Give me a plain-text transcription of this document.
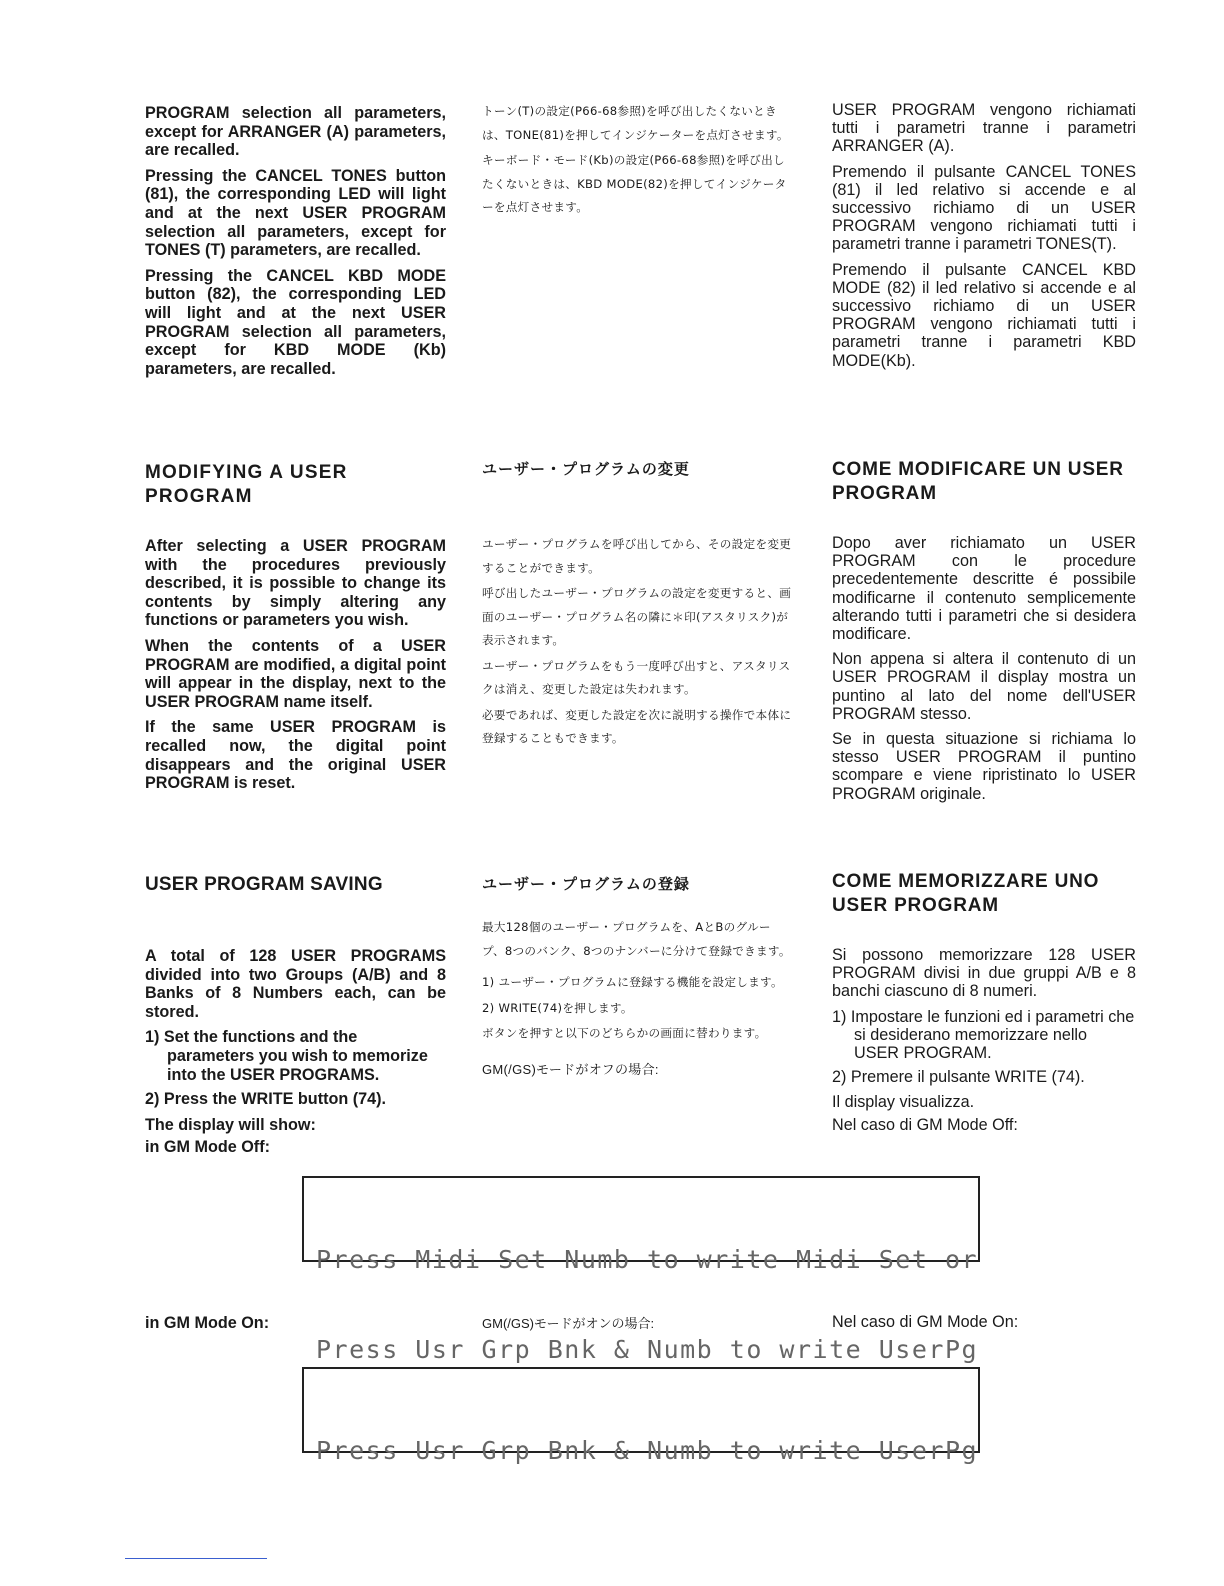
PROGRAM selection all parameters, except for ARRANGER (A) parameters, are recalled.

Pressing the CANCEL TONES button (81), the corresponding LED will light and at the next USER PROGRAM selection all parameters, except for TONES (T) parameters, are recalled.

Pressing the CANCEL KBD MODE button (82), the corresponding LED will light and at the next USER PROGRAM selection all parameters, except for KBD MODE (Kb) parameters, are recalled.

トーン(T)の設定(P66-68参照)を呼び出したくないときは、TONE(81)を押してインジケーターを点灯させます。

キーボード・モード(Kb)の設定(P66-68参照)を呼び出したくないときは、KBD MODE(82)を押してインジケーターを点灯させます。

USER PROGRAM vengono richiamati tutti i parametri tranne i parametri ARRANGER (A).

Premendo il pulsante CANCEL TONES (81) il led relativo si accende e al successivo richiamo di un USER PROGRAM vengono richiamati tutti i parametri tranne i parametri TONES(T).

Premendo il pulsante CANCEL KBD MODE (82) il led relativo si accende e al successivo richiamo di un USER PROGRAM vengono richiamati tutti i parametri tranne i parametri KBD MODE(Kb).

MODIFYING A USER PROGRAM
ユーザー・プログラムの変更	COME MODIFICARE UN USER PROGRAM

After selecting a USER PROGRAM with the procedures previously described, it is possible to change its contents by simply altering any functions or parameters you wish.

When the contents of a USER PROGRAM are modified, a digital point will appear in the display, next to the USER PROGRAM name itself.

If the same USER PROGRAM is recalled now, the digital point disappears and the original USER PROGRAM is reset.

ユーザー・プログラムを呼び出してから、その設定を変更することができます。

呼び出したユーザー・プログラムの設定を変更すると、画面のユーザー・プログラム名の隣に＊印(アスタリスク)が表示されます。

ユーザー・プログラムをもう一度呼び出すと、アスタリスクは消え、変更した設定は失われます。

必要であれば、変更した設定を次に説明する操作で本体に登録することもできます。

Dopo aver richiamato un USER PROGRAM con le procedure precedentemente descritte é possibile modificarne il contenuto semplicemente alterando tutti i parametri che si desidera modificare.

Non appena si altera il contenuto di un USER PROGRAM il display mostra un puntino al lato del nome dell'USER PROGRAM stesso.

Se in questa situazione si richiama lo stesso USER PROGRAM il puntino scompare e viene ripristinato lo USER PROGRAM originale.

USER PROGRAM SAVING	ユーザー・プログラムの登録	COME MEMORIZZARE UNO USER PROGRAM

A total of 128 USER PROGRAMS divided into two Groups (A/B) and 8 Banks of 8 Numbers each, can be stored.

1) Set the functions and the parameters you wish to memorize into the USER PROGRAMS.
2) Press the WRITE button (74).
The display will show:
in GM Mode Off:

最大128個のユーザー・プログラムを、AとBのグループ、8つのバンク、8つのナンバーに分けて登録できます。

1) ユーザー・プログラムに登録する機能を設定します。

2) WRITE(74)を押します。

ボタンを押すと以下のどちらかの画面に替わります。

GM(/GS)モードがオフの場合:

Si possono memorizzare 128 USER PROGRAM divisi in due gruppi A/B e 8 banchi ciascuno di 8 numeri.

1) Impostare le funzioni ed i parametri che si desiderano memorizzare nello USER PROGRAM.
2) Premere il pulsante WRITE (74).
Il display visualizza.
Nel caso di GM Mode Off:

Press Midi Set Numb to write Midi Set or

Press Usr Grp Bnk & Numb to write UserPg

in GM Mode On:	GM(/GS)モードがオンの場合:	Nel caso di GM Mode On:

Press Usr Grp Bnk & Numb to write UserPg
